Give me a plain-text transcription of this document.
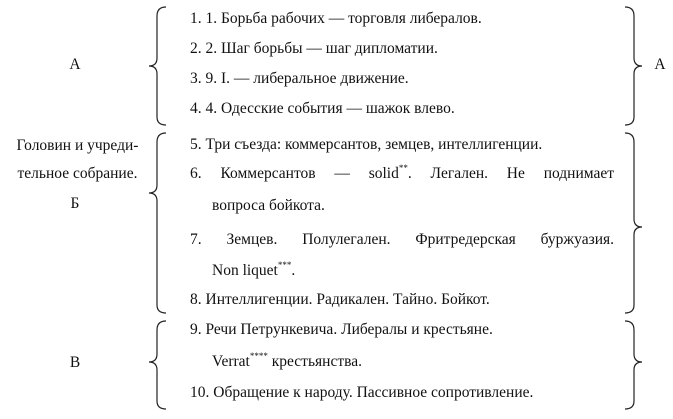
А	А
1. 1. Борьба рабочих — торговля либералов.
2. 2. Шаг борьбы — шаг дипломатии.
3. 9. I. — либеральное движение.
4. 4. Одесские события — шажок влево.
Головин и учреди-
тельное собрание.
Б
5. Три съезда: коммерсантов, земцев, интеллигенции.
6. Коммерсантов — solid**. Легален. Не поднимает
вопроса бойкота.
7. Земцев. Полулегален. Фритредерская буржуазия.
Non liquet***.
8. Интеллигенции. Радикален. Тайно. Бойкот.
В
9. Речи Петрункевича. Либералы и крестьяне.
Verrat**** крестьянства.
10. Обращение к народу. Пассивное сопротивление.
